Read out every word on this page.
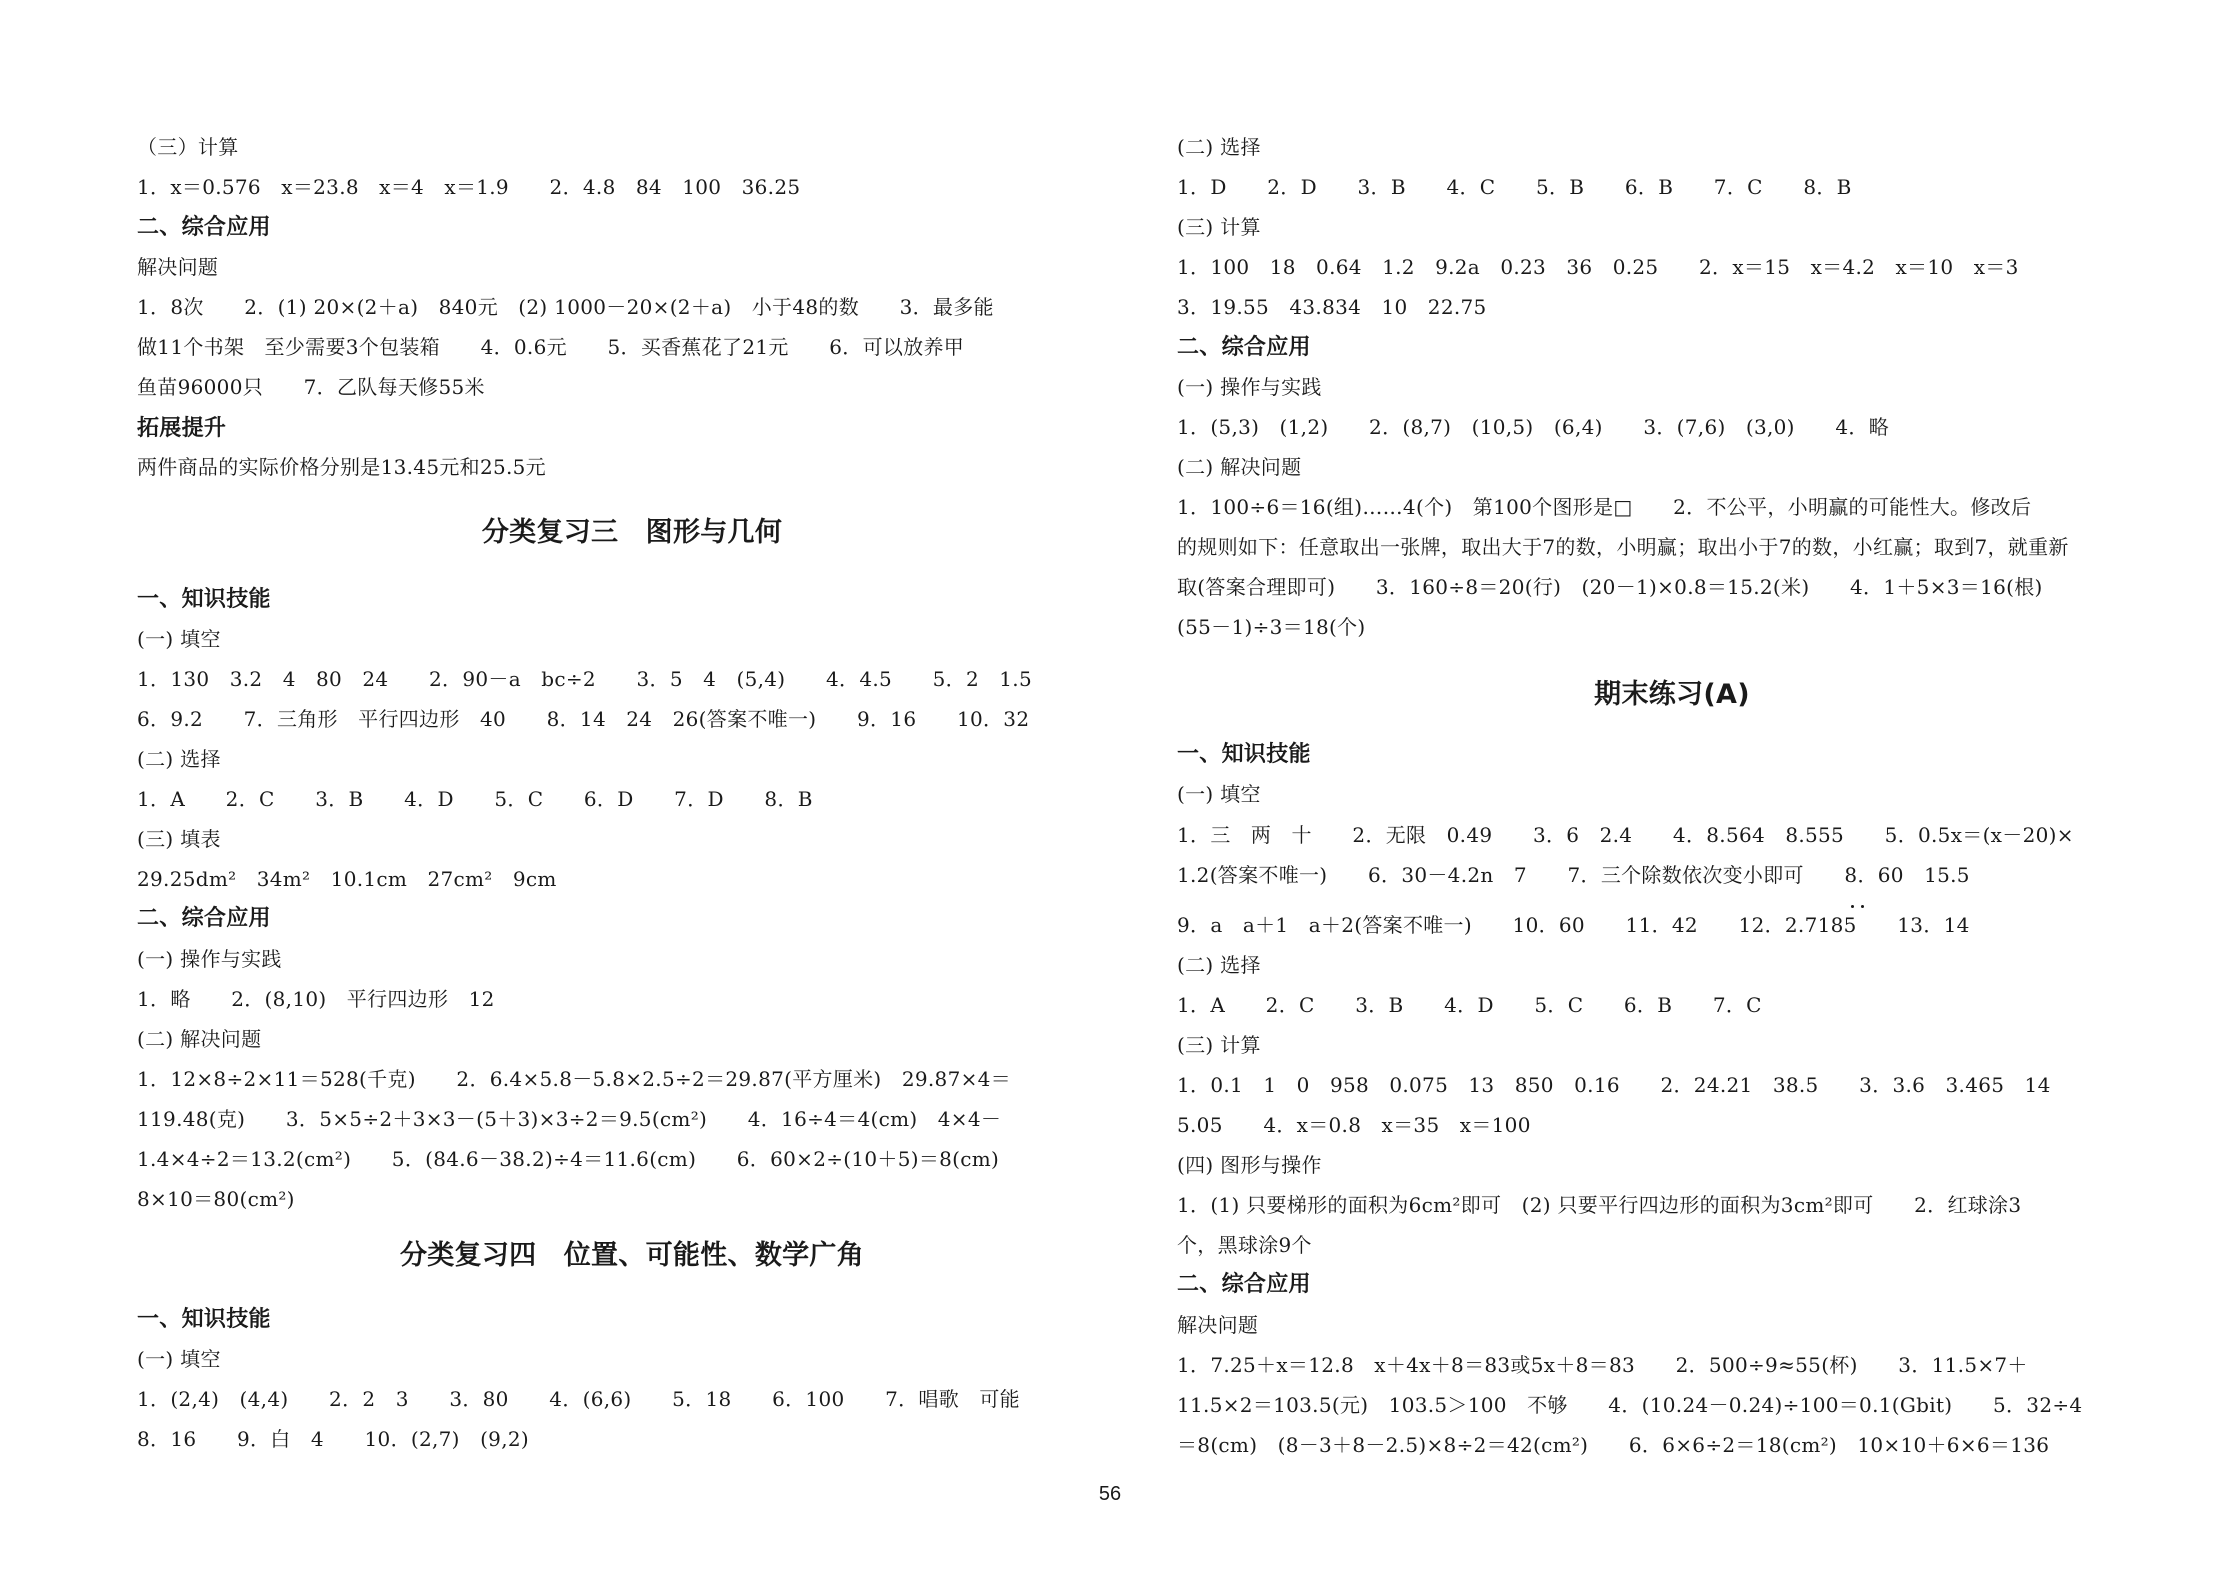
（三）计算
1．x＝0.576　x＝23.8　x＝4　x＝1.9　　2．4.8　84　100　36.25
二、综合应用
解决问题
1．8次　　2．(1) 20×(2＋a)　840元　(2) 1000－20×(2＋a)　小于48的数　　3．最多能
做11个书架　至少需要3个包装箱　　4．0.6元　　5．买香蕉花了21元　　6．可以放养甲
鱼苗96000只　　7．乙队每天修55米
拓展提升
两件商品的实际价格分别是13.45元和25.5元
分类复习三　图形与几何
一、知识技能
(一) 填空
1．130　3.2　4　80　24　　2．90－a　bc÷2　　3．5　4　(5,4)　　4．4.5　　5．2　1.5
6．9.2　　7．三角形　平行四边形　40　　8．14　24　26(答案不唯一)　　9．16　　10．32
(二) 选择
1．A　　2．C　　3．B　　4．D　　5．C　　6．D　　7．D　　8．B
(三) 填表
29.25dm²　34m²　10.1cm　27cm²　9cm
二、综合应用
(一) 操作与实践
1．略　　2．(8,10)　平行四边形　12
(二) 解决问题
1．12×8÷2×11＝528(千克)　　2．6.4×5.8－5.8×2.5÷2＝29.87(平方厘米)　29.87×4＝
119.48(克)　　3．5×5÷2＋3×3－(5＋3)×3÷2＝9.5(cm²)　　4．16÷4＝4(cm)　4×4－
1.4×4÷2＝13.2(cm²)　　5．(84.6－38.2)÷4＝11.6(cm)　　6．60×2÷(10＋5)＝8(cm)
8×10＝80(cm²)
分类复习四　位置、可能性、数学广角
一、知识技能
(一) 填空
1．(2,4)　(4,4)　　2．2　3　　3．80　　4．(6,6)　　5．18　　6．100　　7．唱歌　可能
8．16　　9．白　4　　10．(2,7)　(9,2)
(二) 选择
1．D　　2．D　　3．B　　4．C　　5．B　　6．B　　7．C　　8．B
(三) 计算
1．100　18　0.64　1.2　9.2a　0.23　36　0.25　　2．x＝15　x＝4.2　x＝10　x＝3
3．19.55　43.834　10　22.75
二、综合应用
(一) 操作与实践
1．(5,3)　(1,2)　　2．(8,7)　(10,5)　(6,4)　　3．(7,6)　(3,0)　　4．略
(二) 解决问题
1．100÷6＝16(组)……4(个)　第100个图形是□　　2．不公平，小明赢的可能性大。修改后
的规则如下：任意取出一张牌，取出大于7的数，小明赢；取出小于7的数，小红赢；取到7，就重新
取(答案合理即可)　　3．160÷8＝20(行)　(20－1)×0.8＝15.2(米)　　4．1＋5×3＝16(根)
(55－1)÷3＝18(个)
期末练习(A)
一、知识技能
(一) 填空
1．三　两　十　　2．无限　0.49　　3．6　2.4　　4．8.564　8.555　　5．0.5x＝(x－20)×
1.2(答案不唯一)　　6．30－4.2n　7　　7．三个除数依次变小即可　　8．60　15.5
9．a　a＋1　a＋2(答案不唯一)　　10．60　　11．42　　12．2.7185　　13．14
(二) 选择
1．A　　2．C　　3．B　　4．D　　5．C　　6．B　　7．C
(三) 计算
1．0.1　1　0　958　0.075　13　850　0.16　　2．24.21　38.5　　3．3.6　3.465　14
5.05　　4．x＝0.8　x＝35　x＝100
(四) 图形与操作
1．(1) 只要梯形的面积为6cm²即可　(2) 只要平行四边形的面积为3cm²即可　　2．红球涂3
个，黑球涂9个
二、综合应用
解决问题
1．7.25＋x＝12.8　x＋4x＋8＝83或5x＋8＝83　　2．500÷9≈55(杯)　　3．11.5×7＋
11.5×2＝103.5(元)　103.5＞100　不够　　4．(10.24－0.24)÷100＝0.1(Gbit)　　5．32÷4
＝8(cm)　(8－3＋8－2.5)×8÷2＝42(cm²)　　6．6×6÷2＝18(cm²)　10×10＋6×6＝136
56
